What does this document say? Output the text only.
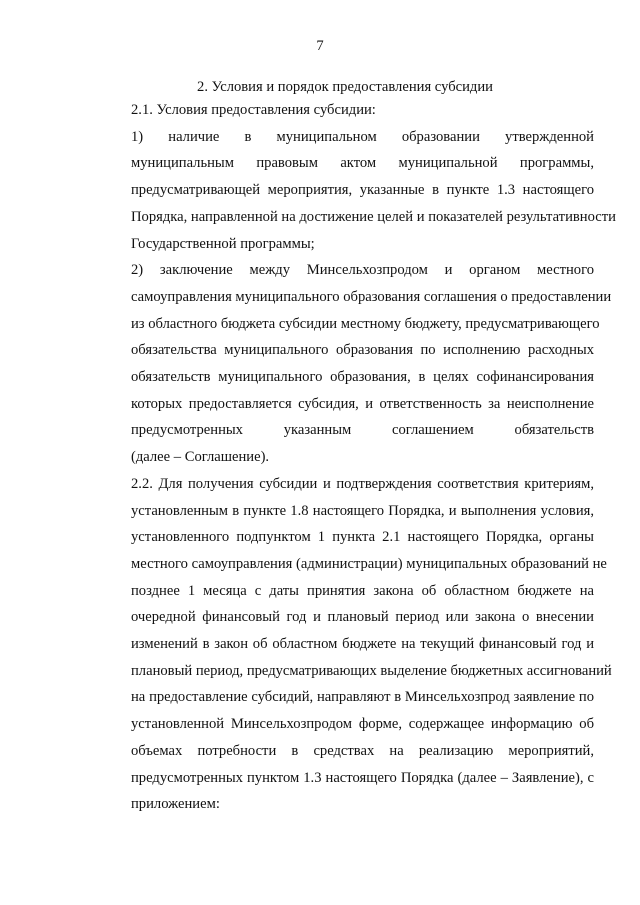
7
2. Условия и порядок предоставления субсидии

2.1. Условия предоставления субсидии:

1) наличие в муниципальном образовании утвержденной
муниципальным правовым актом муниципальной программы,
предусматривающей мероприятия, указанные в пункте 1.3 настоящего
Порядка, направленной на достижение целей и показателей результативности
Государственной программы;

2) заключение между Минсельхозпродом и органом местного
самоуправления муниципального образования соглашения о предоставлении
из областного бюджета субсидии местному бюджету, предусматривающего
обязательства муниципального образования по исполнению расходных
обязательств муниципального образования, в целях софинансирования
которых предоставляется субсидия, и ответственность за неисполнение
предусмотренных указанным соглашением обязательств
(далее – Соглашение).

2.2. Для получения субсидии и подтверждения соответствия критериям,
установленным в пункте 1.8 настоящего Порядка, и выполнения условия,
установленного подпунктом 1 пункта 2.1 настоящего Порядка, органы
местного самоуправления (администрации) муниципальных образований не
позднее 1 месяца с даты принятия закона об областном бюджете на
очередной финансовый год и плановый период или закона о внесении
изменений в закон об областном бюджете на текущий финансовый год и
плановый период, предусматривающих выделение бюджетных ассигнований
на предоставление субсидий, направляют в Минсельхозпрод заявление по
установленной Минсельхозпродом форме, содержащее информацию об
объемах потребности в средствах на реализацию мероприятий,
предусмотренных пунктом 1.3 настоящего Порядка (далее – Заявление), с
приложением:
